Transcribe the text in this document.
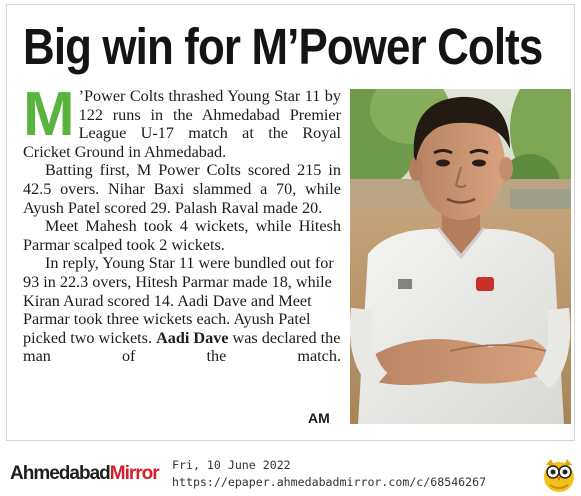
Big win for M’Power Colts

M ’Power Colts thrashed Young Star 11 by 122 runs in the Ahmedabad Premier League U-17 match at the Royal Cricket Ground in Ahmedabad.

Batting first, M Power Colts scored 215 in 42.5 overs. Nihar Baxi slammed a 70, while Ayush Patel scored 29. Palash Raval made 20.

Meet Mahesh took 4 wickets, while Hitesh Parmar scalped took 2 wickets.

In reply, Young Star 11 were bundled out for 93 in 22.3 overs, Hitesh Parmar made 18, while Kiran Aurad scored 14. Aadi Dave and Meet Parmar took three wickets each. Ayush Patel picked two wickets. Aadi Dave was declared the man of the match.

AM
AhmedabadMirror Fri, 10 June 2022
https://epaper.ahmedabadmirror.com/c/68546267
